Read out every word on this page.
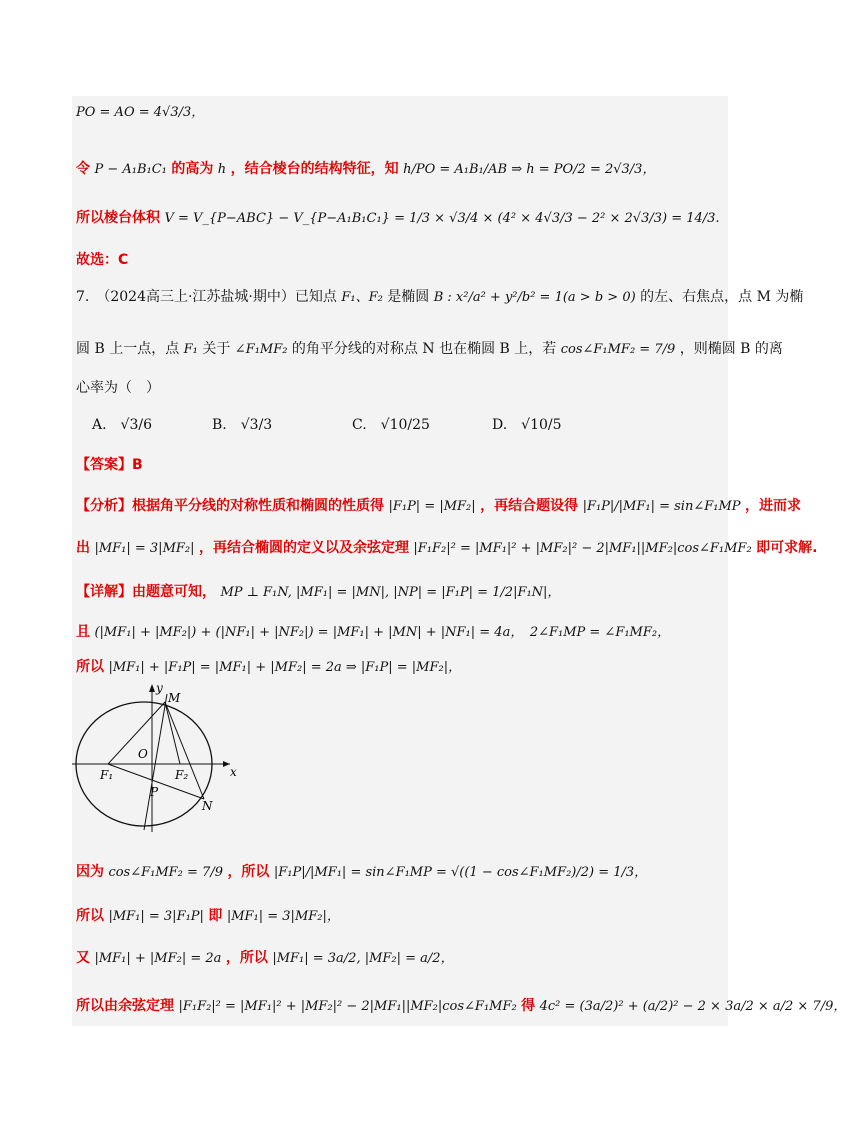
PO = AO = 4√3/3，
令 P − A₁B₁C₁ 的高为 h ，结合棱台的结构特征，知 h/PO = A₁B₁/AB ⇒ h = PO/2 = 2√3/3，
所以棱台体积 V = V_{P−ABC} − V_{P−A₁B₁C₁} = 1/3 × √3/4 × (4² × 4√3/3 − 2² × 2√3/3) = 14/3.
故选：C
7.　（2024高三上·江苏盐城·期中）已知点 F₁、F₂ 是椭圆 B : x²/a² + y²/b² = 1(a > b > 0) 的左、右焦点，点 M 为椭
圆 B 上一点，点 F₁ 关于 ∠F₁MF₂ 的角平分线的对称点 N 也在椭圆 B 上，若 cos∠F₁MF₂ = 7/9 ，则椭圆 B 的离
心率为（　）
A.　√3/6	B.　√3/3	C.　√10/25	D.　√10/5
【答案】B
【分析】根据角平分线的对称性质和椭圆的性质得 |F₁P| = |MF₂| ，再结合题设得 |F₁P|/|MF₁| = sin∠F₁MP ，进而求
出 |MF₁| = 3|MF₂| ，再结合椭圆的定义以及余弦定理 |F₁F₂|² = |MF₁|² + |MF₂|² − 2|MF₁||MF₂|cos∠F₁MF₂ 即可求解.
【详解】由题意可知， MP ⊥ F₁N, |MF₁| = |MN|, |NP| = |F₁P| = 1/2|F₁N|，
且 (|MF₁| + |MF₂|) + (|NF₁| + |NF₂|) = |MF₁| + |MN| + |NF₁| = 4a，　2∠F₁MP = ∠F₁MF₂，
所以 |MF₁| + |F₁P| = |MF₁| + |MF₂| = 2a ⇒ |F₁P| = |MF₂|，
y
x
M
O
F₁	F₂
P
N
因为 cos∠F₁MF₂ = 7/9 ，所以 |F₁P|/|MF₁| = sin∠F₁MP = √((1 − cos∠F₁MF₂)/2) = 1/3，
所以 |MF₁| = 3|F₁P| 即 |MF₁| = 3|MF₂|，
又 |MF₁| + |MF₂| = 2a ，所以 |MF₁| = 3a/2, |MF₂| = a/2，
所以由余弦定理 |F₁F₂|² = |MF₁|² + |MF₂|² − 2|MF₁||MF₂|cos∠F₁MF₂ 得 4c² = (3a/2)² + (a/2)² − 2 × 3a/2 × a/2 × 7/9，
